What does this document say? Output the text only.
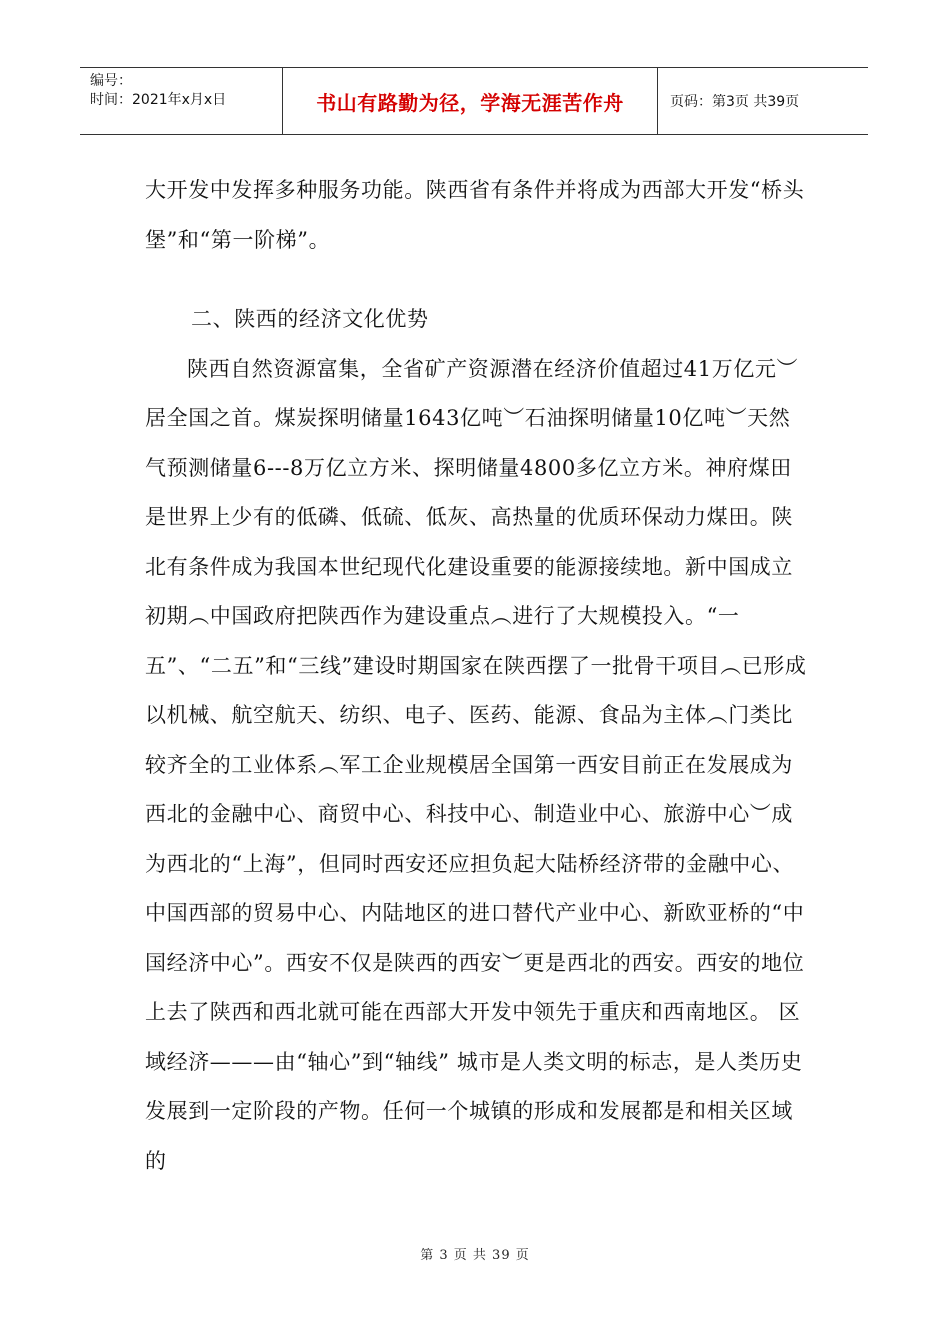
编号：
时间：2021年x月x日	书山有路勤为径，学海无涯苦作舟	页码：第3页 共39页

大开发中发挥多种服务功能。陕西省有条件并将成为西部大开发“桥头堡”和“第一阶梯”。

二、陕西的经济文化优势

陕西自然资源富集，全省矿产资源潜在经济价值超过41万亿元︶居全国之首。煤炭探明储量1643亿吨︶石油探明储量10亿吨︶天然气预测储量6---8万亿立方米、探明储量4800多亿立方米。神府煤田是世界上少有的低磷、低硫、低灰、高热量的优质环保动力煤田。陕北有条件成为我国本世纪现代化建设重要的能源接续地。新中国成立初期︵中国政府把陕西作为建设重点︵进行了大规模投入。“一五”、“二五”和“三线”建设时期国家在陕西摆了一批骨干项目︵已形成以机械、航空航天、纺织、电子、医药、能源、食品为主体︵门类比较齐全的工业体系︵军工企业规模居全国第一西安目前正在发展成为西北的金融中心、商贸中心、科技中心、制造业中心、旅游中心︶成为西北的“上海”，但同时西安还应担负起大陆桥经济带的金融中心、中国西部的贸易中心、内陆地区的进口替代产业中心、新欧亚桥的“中国经济中心”。西安不仅是陕西的西安︶更是西北的西安。西安的地位上去了陕西和西北就可能在西部大开发中领先于重庆和西南地区。 区域经济———由“轴心”到“轴线” 城市是人类文明的标志，是人类历史发展到一定阶段的产物。任何一个城镇的形成和发展都是和相关区域的

第 3 页 共 39 页
